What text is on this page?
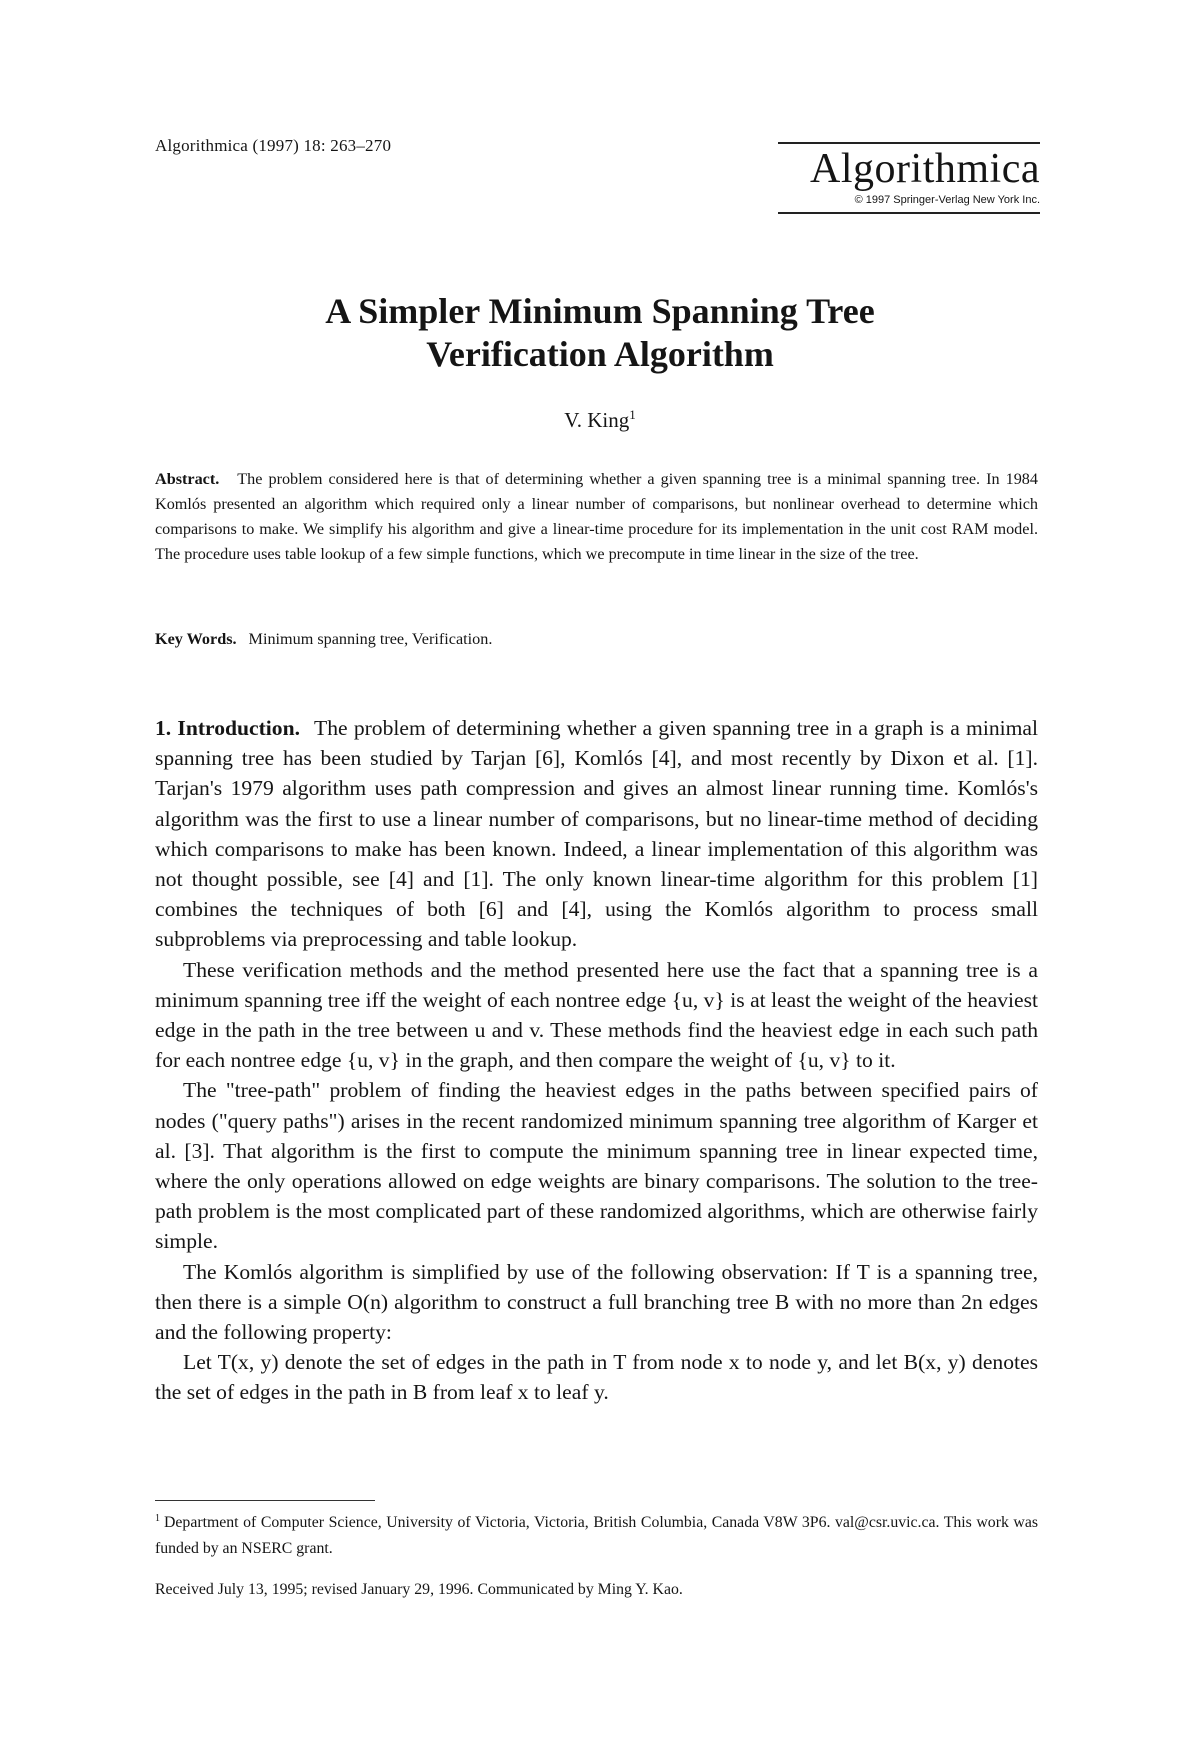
Algorithmica (1997) 18: 263–270
Algorithmica
© 1997 Springer-Verlag New York Inc.
A Simpler Minimum Spanning Tree
Verification Algorithm
V. King$^1$
Abstract. The problem considered here is that of determining whether a given spanning tree is a minimal spanning tree. In 1984 Komlós presented an algorithm which required only a linear number of comparisons, but nonlinear overhead to determine which comparisons to make. We simplify his algorithm and give a linear-time procedure for its implementation in the unit cost RAM model. The procedure uses table lookup of a few simple functions, which we precompute in time linear in the size of the tree.
Key Words. Minimum spanning tree, Verification.

1. Introduction. The problem of determining whether a given spanning tree in a graph is a minimal spanning tree has been studied by Tarjan [6], Komlós [4], and most recently by Dixon et al. [1]. Tarjan's 1979 algorithm uses path compression and gives an almost linear running time. Komlós's algorithm was the first to use a linear number of comparisons, but no linear-time method of deciding which comparisons to make has been known. Indeed, a linear implementation of this algorithm was not thought possible, see [4] and [1]. The only known linear-time algorithm for this problem [1] combines the techniques of both [6] and [4], using the Komlós algorithm to process small subproblems via preprocessing and table lookup.

These verification methods and the method presented here use the fact that a spanning tree is a minimum spanning tree iff the weight of each nontree edge {u, v} is at least the weight of the heaviest edge in the path in the tree between u and v. These methods find the heaviest edge in each such path for each nontree edge {u, v} in the graph, and then compare the weight of {u, v} to it.

The "tree-path" problem of finding the heaviest edges in the paths between specified pairs of nodes ("query paths") arises in the recent randomized minimum spanning tree algorithm of Karger et al. [3]. That algorithm is the first to compute the minimum spanning tree in linear expected time, where the only operations allowed on edge weights are binary comparisons. The solution to the tree-path problem is the most complicated part of these randomized algorithms, which are otherwise fairly simple.

The Komlós algorithm is simplified by use of the following observation: If T is a spanning tree, then there is a simple O(n) algorithm to construct a full branching tree B with no more than 2n edges and the following property:

Let T(x, y) denote the set of edges in the path in T from node x to node y, and let B(x, y) denotes the set of edges in the path in B from leaf x to leaf y.

$^1$ Department of Computer Science, University of Victoria, Victoria, British Columbia, Canada V8W 3P6. val@csr.uvic.ca. This work was funded by an NSERC grant.
Received July 13, 1995; revised January 29, 1996. Communicated by Ming Y. Kao.
